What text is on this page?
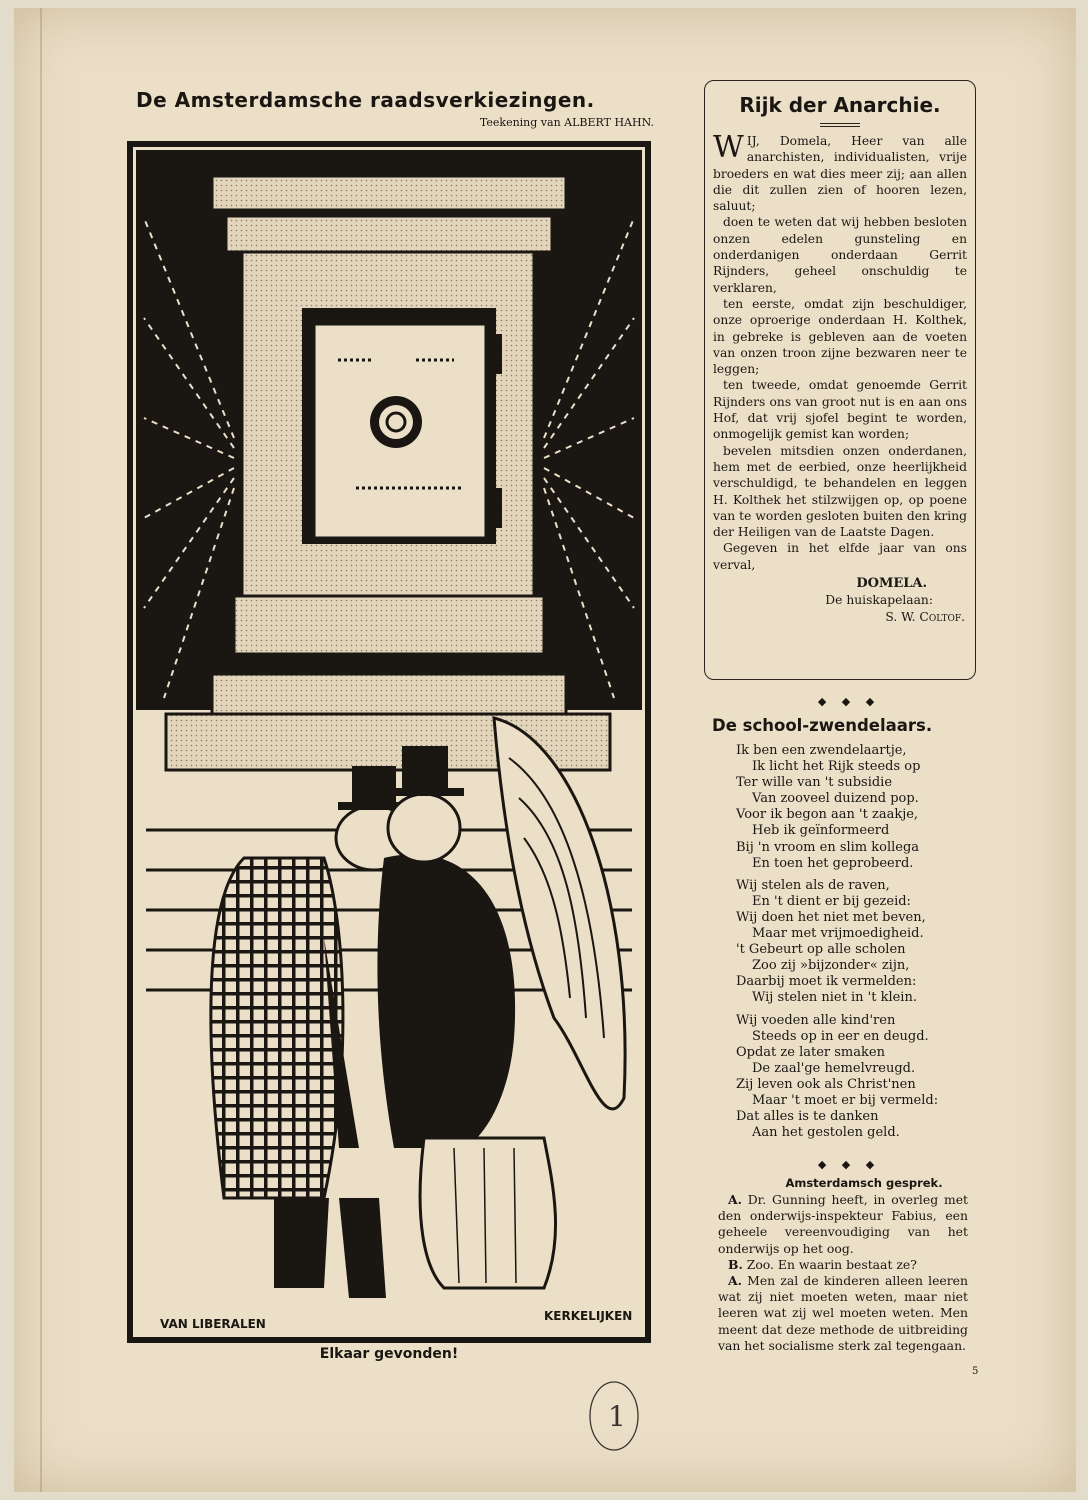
De Amsterdamsche raadsverkiezingen.
Teekening van ALBERT HAHN.
VAN LIBERALEN
KERKELIJKEN
Elkaar gevonden!
Rijk der Anarchie.

WIJ, Domela, Heer van alle anarchisten, individualisten, vrije broeders en wat dies meer zij; aan allen die dit zullen zien of hooren lezen, saluut;

doen te weten dat wij hebben besloten onzen edelen gunsteling en onderdanigen onderdaan Gerrit Rijnders, geheel onschuldig te verklaren,

ten eerste, omdat zijn beschuldiger, onze oproerige onderdaan H. Kolthek, in gebreke is gebleven aan de voeten van onzen troon zijne bezwaren neer te leggen;

ten tweede, omdat genoemde Gerrit Rijnders ons van groot nut is en aan ons Hof, dat vrij sjofel begint te worden, onmogelijk gemist kan worden;

bevelen mitsdien onzen onderdanen, hem met de eerbied, onze heerlijkheid verschuldigd, te behandelen en leggen H. Kolthek het stilzwijgen op, op poene van te worden gesloten buiten den kring der Heiligen van de Laatste Dagen.

Gegeven in het elfde jaar van ons verval,

DOMELA.
De huiskapelaan:
S. W. Coltof.
◆ ◆ ◆
De school-zwendelaars.
Ik ben een zwendelaartje,
Ik licht het Rijk steeds op
Ter wille van 't subsidie
Van zooveel duizend pop.
Voor ik begon aan 't zaakje,
Heb ik geïnformeerd
Bij 'n vroom en slim kollega
En toen het geprobeerd.
Wij stelen als de raven,
En 't dient er bij gezeid:
Wij doen het niet met beven,
Maar met vrijmoedigheid.
't Gebeurt op alle scholen
Zoo zij »bijzonder« zijn,
Daarbij moet ik vermelden:
Wij stelen niet in 't klein.
Wij voeden alle kind'ren
Steeds op in eer en deugd.
Opdat ze later smaken
De zaal'ge hemelvreugd.
Zij leven ook als Christ'nen
Maar 't moet er bij vermeld:
Dat alles is te danken
Aan het gestolen geld.
◆ ◆ ◆
Amsterdamsch gesprek.

A. Dr. Gunning heeft, in overleg met den onderwijs-inspekteur Fabius, een geheele vereenvoudiging van het onderwijs op het oog.

B. Zoo. En waarin bestaat ze?

A. Men zal de kinderen alleen leeren wat zij niet moeten weten, maar niet leeren wat zij wel moeten weten. Men meent dat deze methode de uitbreiding van het socialisme sterk zal tegengaan.

5
1
